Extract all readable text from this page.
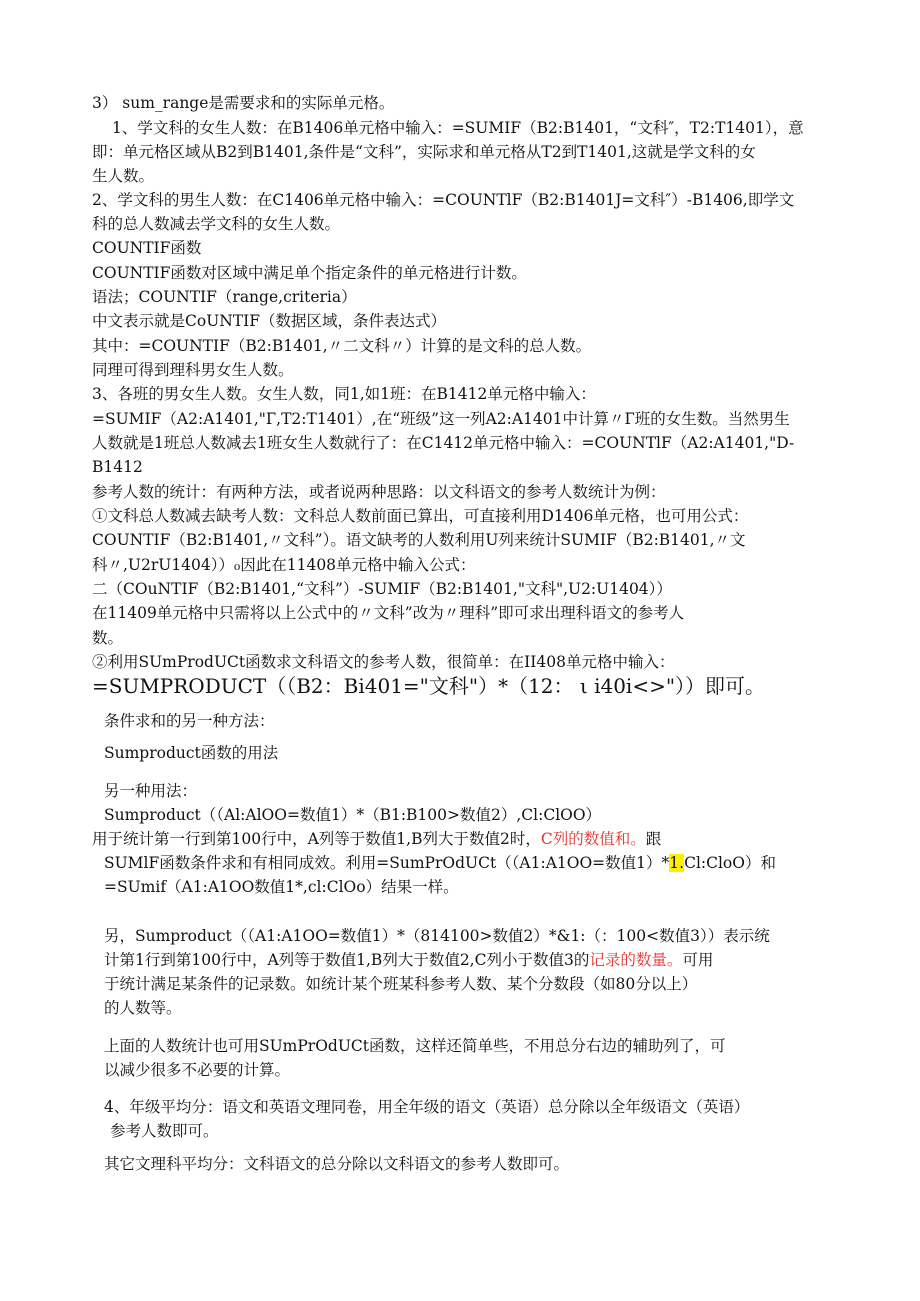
3） sum_range是需要求和的实际单元格。
1、学文科的女生人数：在B1406单元格中输入：=SUMIF（B2:B1401，“文科″，T2:T1401），意
即：单元格区域从B2到B1401,条件是“文科”，实际求和单元格从T2到T1401,这就是学文科的女
生人数。
2、学文科的男生人数：在C1406单元格中输入：=COUNTlF（B2:B1401J=文科″）-B1406,即学文
科的总人数减去学文科的女生人数。
COUNTIF函数
COUNTIF函数对区域中满足单个指定条件的单元格进行计数。
语法；COUNTIF（range,criteria）
中文表示就是CoUNTIF（数据区域，条件表达式）
其中：=COUNTIF（B2:B1401,〃二文科〃）计算的是文科的总人数。
同理可得到理科男女生人数。
3、各班的男女生人数。女生人数，同1,如1班：在B1412单元格中输入：
=SUMIF（A2:A1401,"Г,T2:T1401）,在“班级”这一列A2:A1401中计算〃Г班的女生数。当然男生
人数就是1班总人数减去1班女生人数就行了：在C1412单元格中输入：=COUNTlF（A2:A1401,"D-
B1412
参考人数的统计：有两种方法，或者说两种思路：以文科语文的参考人数统计为例：
①文科总人数减去缺考人数：文科总人数前面已算出，可直接利用D1406单元格，也可用公式：
COUNTIF（B2:B1401,〃文科”）。语文缺考的人数利用U列来统计SUMIF（B2:B1401,〃文
科〃,U2rU1404））₀因此在11408单元格中输入公式：
二（CОuNTIF（B2:B1401,“文科”）-SUMIF（B2:B1401,"文科",U2:U1404））
在11409单元格中只需将以上公式中的〃文科”改为〃理科”即可求出理科语文的参考人
数。
②利用SUmProdUCt函数求文科语文的参考人数，很简单：在II408单元格中输入：
=SUMPRODUCT（（B2：Bi401="文科"）*（12： ι i40i<>"））即可。
条件求和的另一种方法：
Sumproduct函数的用法
另一种用法：
Sumproduct（（Al:AlOO=数值1）*（B1:B100>数值2）,Cl:ClOO）
用于统计第一行到第100行中，A列等于数值1,B列大于数值2时，C列的数值和。跟
SUMlF函数条件求和有相同成效。利用=SumPrOdUCt（（A1:A1OO=数值1）*1.Cl:ClоO）和
=SUmif（A1:A1OO数值1*,cl:ClOo）结果一样。
另，Sumproduct（（A1:A1OO=数值1）*（814100>数值2）*&1:（：100<数值3））表示统
计第1行到第100行中，A列等于数值1,B列大于数值2,C列小于数值3的记录的数量。可用
于统计满足某条件的记录数。如统计某个班某科参考人数、某个分数段（如80分以上）
的人数等。
上面的人数统计也可用SUmPrOdUCt函数，这样还简单些，不用总分右边的辅助列了，可
以减少很多不必要的计算。
4、年级平均分：语文和英语文理同卷，用全年级的语文（英语）总分除以全年级语文（英语）
参考人数即可。
其它文理科平均分：文科语文的总分除以文科语文的参考人数即可。
